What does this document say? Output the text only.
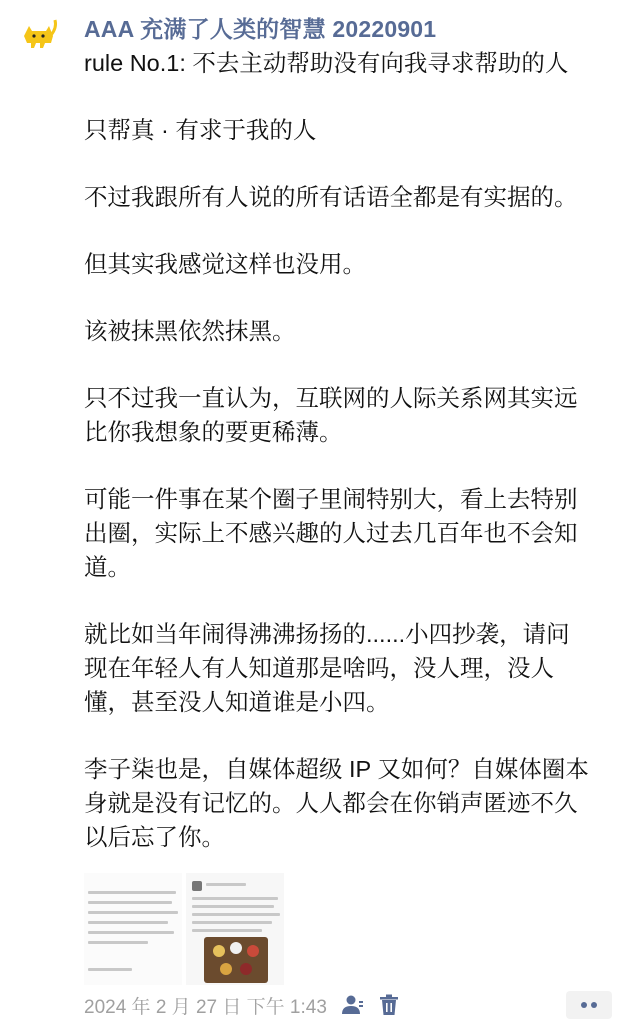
AAA 充满了人类的智慧 20220901

rule No.1: 不去主动帮助没有向我寻求帮助的人

只帮真 · 有求于我的人

不过我跟所有人说的所有话语全都是有实据的。

但其实我感觉这样也没用。

该被抹黑依然抹黑。

只不过我一直认为，互联网的人际关系网其实远
比你我想象的要更稀薄。

可能一件事在某个圈子里闹特别大，看上去特别
出圈，实际上不感兴趣的人过去几百年也不会知
道。

就比如当年闹得沸沸扬扬的......小四抄袭，请问
现在年轻人有人知道那是啥吗，没人理，没人
懂，甚至没人知道谁是小四。

李子柒也是，自媒体超级 IP 又如何？自媒体圈本
身就是没有记忆的。人人都会在你销声匿迹不久
以后忘了你。

2024 年 2 月 27 日 下午 1:43
